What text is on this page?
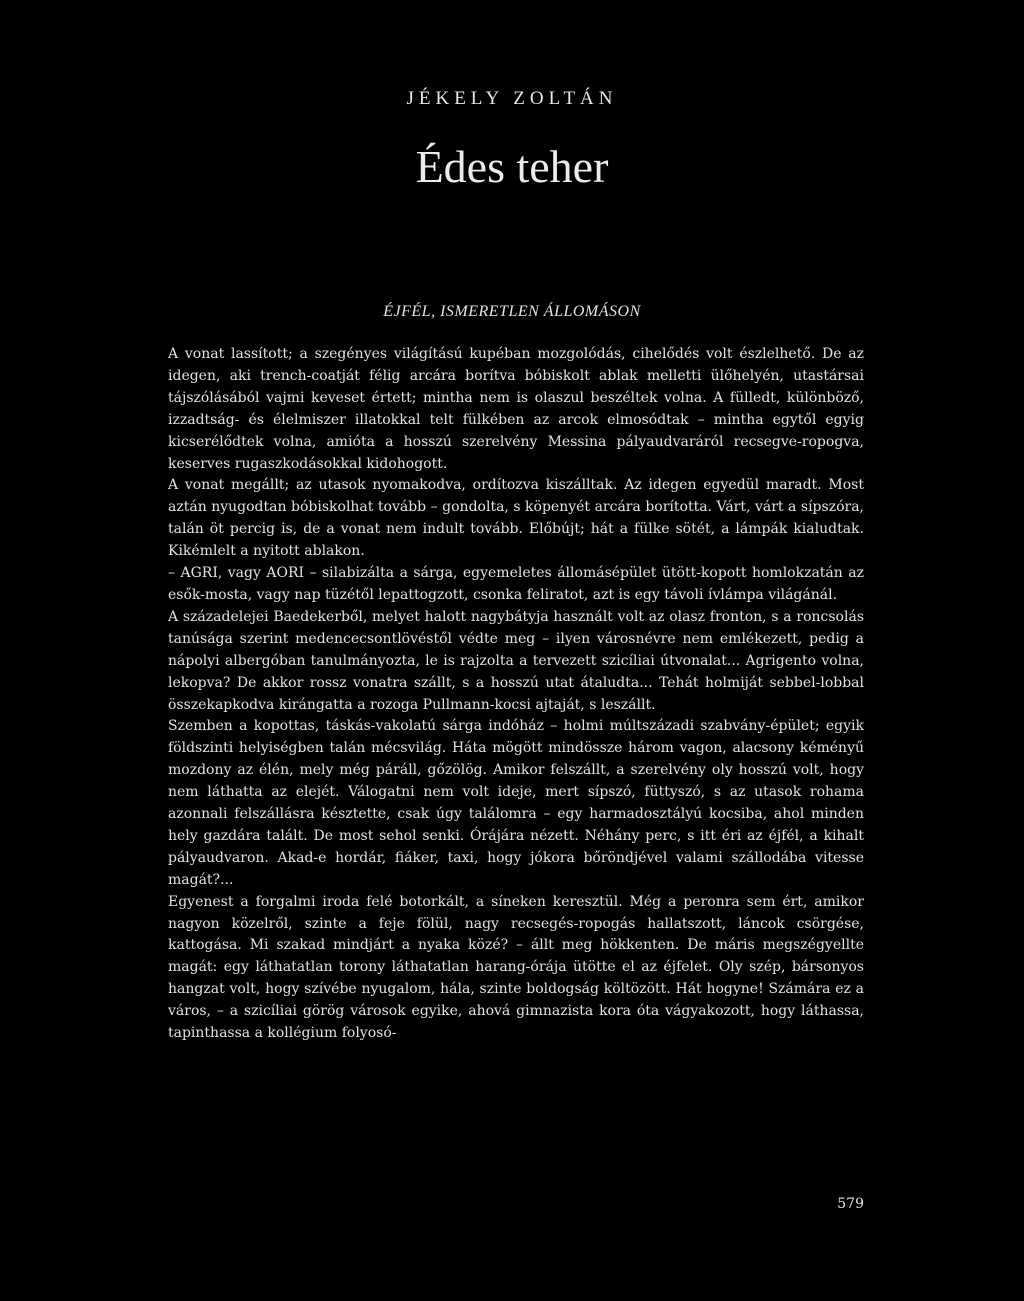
JÉKELY ZOLTÁN
Édes teher
ÉJFÉL, ISMERETLEN ÁLLOMÁSON

A vonat lassított; a szegényes világítású kupéban mozgolódás, cihelődés volt észlelhető. De az idegen, aki trench-coatját félig arcára borítva bóbiskolt ablak melletti ülőhelyén, utastársai tájszólásából vajmi keveset értett; mintha nem is olaszul beszéltek volna. A fülledt, különböző, izzadtság- és élelmiszer illatokkal telt fülkében az arcok elmosódtak – mintha egytől egyig kicserélődtek volna, amióta a hosszú szerelvény Messina pályaudvaráról recsegve-ropogva, keserves rugaszkodásokkal kidohogott.

A vonat megállt; az utasok nyomakodva, ordítozva kiszálltak. Az idegen egyedül maradt. Most aztán nyugodtan bóbiskolhat tovább – gondolta, s köpenyét arcára borította. Várt, várt a sípszóra, talán öt percig is, de a vonat nem indult tovább. Előbújt; hát a fülke sötét, a lámpák kialudtak. Kikémlelt a nyitott ablakon.

– AGRI, vagy AORI – silabizálta a sárga, egyemeletes állomásépület ütött-kopott homlokzatán az esők-mosta, vagy nap tüzétől lepattogzott, csonka feliratot, azt is egy távoli ívlámpa világánál.

A századelejei Baedekerből, melyet halott nagybátyja használt volt az olasz fronton, s a roncsolás tanúsága szerint medencecsontlövéstől védte meg – ilyen városnévre nem emlékezett, pedig a nápolyi albergóban tanulmányozta, le is rajzolta a tervezett szicíliai útvonalat... Agrigento volna, lekopva? De akkor rossz vonatra szállt, s a hosszú utat átaludta... Tehát holmiját sebbel-lobbal összekapkodva kirángatta a rozoga Pullmann-kocsi ajtaját, s leszállt.

Szemben a kopottas, táskás-vakolatú sárga indóház – holmi múltszázadi szabvány-épület; egyik földszinti helyiségben talán mécsvilág. Háta mögött mindössze három vagon, alacsony kéményű mozdony az élén, mely még páráll, gőzölög. Amikor felszállt, a szerelvény oly hosszú volt, hogy nem láthatta az elejét. Válogatni nem volt ideje, mert sípszó, füttyszó, s az utasok rohama azonnali felszállásra késztette, csak úgy találomra – egy harmadosztályú kocsiba, ahol minden hely gazdára talált. De most sehol senki. Órájára nézett. Néhány perc, s itt éri az éjfél, a kihalt pályaudvaron. Akad-e hordár, fiáker, taxi, hogy jókora bőröndjével valami szállodába vitesse magát?...

Egyenest a forgalmi iroda felé botorkált, a síneken keresztül. Még a peronra sem ért, amikor nagyon közelről, szinte a feje fölül, nagy recsegés-ropogás hallatszott, láncok csörgése, kattogása. Mi szakad mindjárt a nyaka közé? – állt meg hökkenten. De máris megszégyellte magát: egy láthatatlan torony láthatatlan harang-órája ütötte el az éjfelet. Oly szép, bársonyos hangzat volt, hogy szívébe nyugalom, hála, szinte boldogság költözött. Hát hogyne! Számára ez a város, – a szicíliai görög városok egyike, ahová gimnazista kora óta vágyakozott, hogy láthassa, tapinthassa a kollégium folyosó-

579
